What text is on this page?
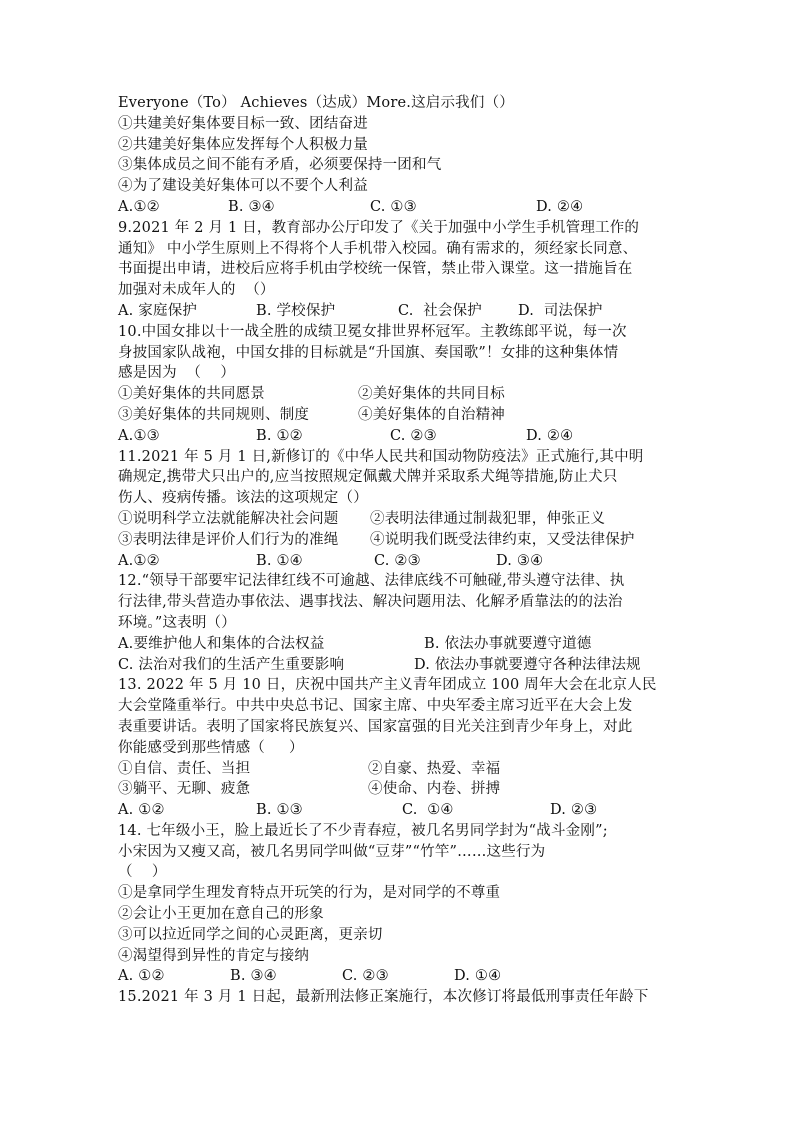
Everyone（To） Achieves（达成）More.这启示我们（）
①共建美好集体要目标一致、团结奋进
②共建美好集体应发挥每个人积极力量
③集体成员之间不能有矛盾，必须要保持一团和气
④为了建设美好集体可以不要个人利益
A.①②	B. ③④	C. ①③	D. ②④
9.2021 年 2 月 1 日，教育部办公厅印发了《关于加强中小学生手机管理工作的
通知》 中小学生原则上不得将个人手机带入校园。确有需求的，须经家长同意、
书面提出申请，进校后应将手机由学校统一保管，禁止带入课堂。这一措施旨在
加强对未成年人的  （）
A. 家庭保护	B. 学校保护	C.  社会保护 D.  司法保护
10.中国女排以十一战全胜的成绩卫冕女排世界杯冠军。主教练郎平说，每一次
身披国家队战袍，中国女排的目标就是“升国旗、奏国歌”！女排的这种集体情
感是因为  （    ）
①美好集体的共同愿景	②美好集体的共同目标
③美好集体的共同规则、制度	④美好集体的自治精神
A.①③	B. ①②	C. ②③	D. ②④
11.2021 年 5 月 1 日,新修订的《中华人民共和国动物防疫法》正式施行,其中明
确规定,携带犬只出户的,应当按照规定佩戴犬牌并采取系犬绳等措施,防止犬只
伤人、疫病传播。该法的这项规定（）
①说明科学立法就能解决社会问题 ②表明法律通过制裁犯罪，伸张正义
③表明法律是评价人们行为的准绳 ④说明我们既受法律约束，又受法律保护
A.①②	B. ①④	C. ②③	D. ③④
12.“领导干部要牢记法律红线不可逾越、法律底线不可触碰,带头遵守法律、执
行法律,带头营造办事依法、遇事找法、解决问题用法、化解矛盾靠法的的法治
环境。”这表明（）
A.要维护他人和集体的合法权益	B. 依法办事就要遵守道德
C. 法治对我们的生活产生重要影响	D. 依法办事就要遵守各种法律法规
13. 2022 年 5 月 10 日，庆祝中国共产主义青年团成立 100 周年大会在北京人民
大会堂隆重举行。中共中央总书记、国家主席、中央军委主席习近平在大会上发
表重要讲话。表明了国家将民族复兴、国家富强的目光关注到青少年身上，对此
你能感受到那些情感（     ）
①自信、责任、当担	②自豪、热爱、幸福
③躺平、无聊、疲惫	④使命、内卷、拼搏
A. ①②	B. ①③	C.  ①④	D. ②③
14. 七年级小王，脸上最近长了不少青春痘，被几名男同学封为“战斗金刚”;
小宋因为又瘦又高，被几名男同学叫做“豆芽”“竹竿”……这些行为
（    ）
①是拿同学生理发育特点开玩笑的行为，是对同学的不尊重
②会让小王更加在意自己的形象
③可以拉近同学之间的心灵距离，更亲切
④渴望得到异性的肯定与接纳
A. ①②	B. ③④	C. ②③	D. ①④
15.2021 年 3 月 1 日起，最新刑法修正案施行，本次修订将最低刑事责任年龄下
